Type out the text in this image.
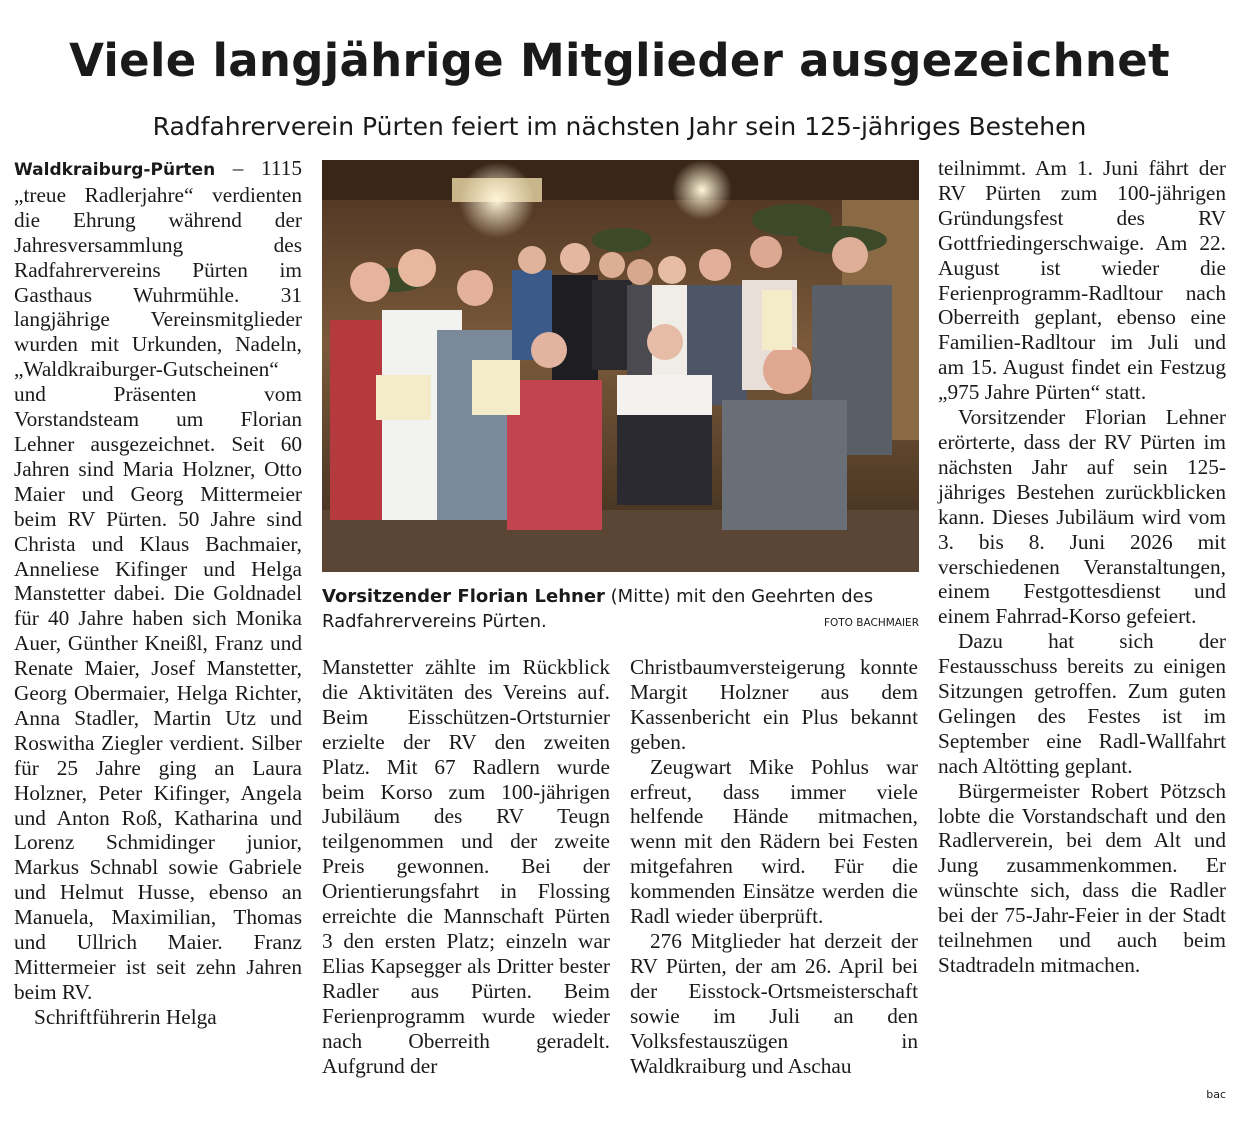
Viele langjährige Mitglieder ausgezeichnet
Radfahrerverein Pürten feiert im nächsten Jahr sein 125-jähriges Bestehen

Waldkraiburg-Pürten – 1115 „treue Radlerjahre“ verdienten die Ehrung während der Jahresversammlung des Radfahrervereins Pürten im Gasthaus Wuhrmühle. 31 langjährige Vereinsmitglieder wurden mit Urkunden, Nadeln, „Waldkraiburger-Gutscheinen“ und Präsenten vom Vorstandsteam um Florian Lehner ausgezeichnet. Seit 60 Jahren sind Maria Holzner, Otto Maier und Georg Mittermeier beim RV Pürten. 50 Jahre sind Christa und Klaus Bachmaier, Anneliese Kifinger und Helga Manstetter dabei. Die Goldnadel für 40 Jahre haben sich Monika Auer, Günther Kneißl, Franz und Renate Maier, Josef Manstetter, Georg Obermaier, Helga Richter, Anna Stadler, Martin Utz und Roswitha Ziegler verdient. Silber für 25 Jahre ging an Laura Holzner, Peter Kifinger, Angela und Anton Roß, Katharina und Lorenz Schmidinger junior, Markus Schnabl sowie Gabriele und Helmut Husse, ebenso an Manuela, Maximilian, Thomas und Ullrich Maier. Franz Mittermeier ist seit zehn Jahren beim RV.

Schriftführerin Helga

Vorsitzender Florian Lehner (Mitte) mit den Geehrten des Radfahrervereins Pürten.	FOTO BACHMAIER

Manstetter zählte im Rückblick die Aktivitäten des Vereins auf. Beim Eisschützen-Ortsturnier erzielte der RV den zweiten Platz. Mit 67 Radlern wurde beim Korso zum 100-jährigen Jubiläum des RV Teugn teilgenommen und der zweite Preis gewonnen. Bei der Orientierungsfahrt in Flossing erreichte die Mannschaft Pürten 3 den ersten Platz; einzeln war Elias Kapsegger als Dritter bester Radler aus Pürten. Beim Ferienprogramm wurde wieder nach Oberreith geradelt. Aufgrund der

Christbaumversteigerung konnte Margit Holzner aus dem Kassenbericht ein Plus bekannt geben.

Zeugwart Mike Pohlus war erfreut, dass immer viele helfende Hände mitmachen, wenn mit den Rädern bei Festen mitgefahren wird. Für die kommenden Einsätze werden die Radl wieder überprüft.

276 Mitglieder hat derzeit der RV Pürten, der am 26. April bei der Eisstock-Ortsmeisterschaft sowie im Juli an den Volksfestauszügen in Waldkraiburg und Aschau

teilnimmt. Am 1. Juni fährt der RV Pürten zum 100-jährigen Gründungsfest des RV Gottfriedingerschwaige. Am 22. August ist wieder die Ferienprogramm-Radltour nach Oberreith geplant, ebenso eine Familien-Radltour im Juli und am 15. August findet ein Festzug „975 Jahre Pürten“ statt.

Vorsitzender Florian Lehner erörterte, dass der RV Pürten im nächsten Jahr auf sein 125-jähriges Bestehen zurückblicken kann. Dieses Jubiläum wird vom 3. bis 8. Juni 2026 mit verschiedenen Veranstaltungen, einem Festgottesdienst und einem Fahrrad-Korso gefeiert.

Dazu hat sich der Festausschuss bereits zu einigen Sitzungen getroffen. Zum guten Gelingen des Festes ist im September eine Radl-Wallfahrt nach Altötting geplant.

Bürgermeister Robert Pötzsch lobte die Vorstandschaft und den Radlerverein, bei dem Alt und Jung zusammenkommen. Er wünschte sich, dass die Radler bei der 75-Jahr-Feier in der Stadt teilnehmen und auch beim Stadtradeln mitmachen.

bac
